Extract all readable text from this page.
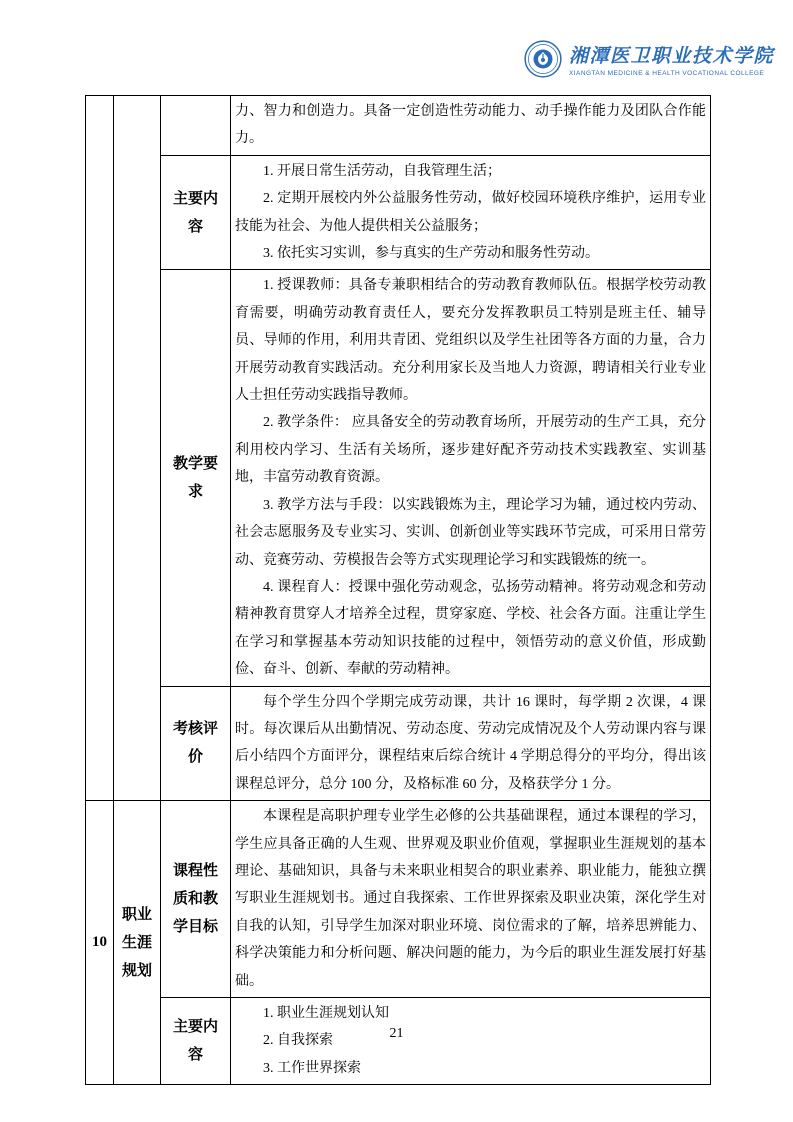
湘潭医卫职业技术学院
XIANGTAN MEDICINE & HEALTH VOCATIONAL COLLEGE

			力、智力和创造力。具备一定创造性劳动能力、动手操作能力及团队合作能力。

		主要内容	1. 开展日常生活劳动，自我管理生活；

2. 定期开展校内外公益服务性劳动，做好校园环境秩序维护，运用专业技能为社会、为他人提供相关公益服务；

3. 依托实习实训，参与真实的生产劳动和服务性劳动。

		教学要求	1. 授课教师：具备专兼职相结合的劳动教育教师队伍。根据学校劳动教育需要，明确劳动教育责任人，要充分发挥教职员工特别是班主任、辅导员、导师的作用，利用共青团、党组织以及学生社团等各方面的力量，合力开展劳动教育实践活动。充分利用家长及当地人力资源，聘请相关行业专业人士担任劳动实践指导教师。

2. 教学条件： 应具备安全的劳动教育场所，开展劳动的生产工具，充分利用校内学习、生活有关场所，逐步建好配齐劳动技术实践教室、实训基地，丰富劳动教育资源。

3. 教学方法与手段：以实践锻炼为主，理论学习为辅，通过校内劳动、社会志愿服务及专业实习、实训、创新创业等实践环节完成，可采用日常劳动、竞赛劳动、劳模报告会等方式实现理论学习和实践锻炼的统一。

4. 课程育人：授课中强化劳动观念，弘扬劳动精神。将劳动观念和劳动精神教育贯穿人才培养全过程，贯穿家庭、学校、社会各方面。注重让学生在学习和掌握基本劳动知识技能的过程中，领悟劳动的意义价值，形成勤俭、奋斗、创新、奉献的劳动精神。

		考核评价	每个学生分四个学期完成劳动课，共计 16 课时，每学期 2 次课，4 课时。每次课后从出勤情况、劳动态度、劳动完成情况及个人劳动课内容与课后小结四个方面评分，课程结束后综合统计 4 学期总得分的平均分，得出该课程总评分，总分 100 分，及格标准 60 分，及格获学分 1 分。

10	职业生涯规划	课程性质和教学目标	本课程是高职护理专业学生必修的公共基础课程，通过本课程的学习，学生应具备正确的人生观、世界观及职业价值观，掌握职业生涯规划的基本理论、基础知识，具备与未来职业相契合的职业素养、职业能力，能独立撰写职业生涯规划书。通过自我探索、工作世界探索及职业决策，深化学生对自我的认知，引导学生加深对职业环境、岗位需求的了解，培养思辨能力、科学决策能力和分析问题、解决问题的能力，为今后的职业生涯发展打好基础。

		主要内容	1. 职业生涯规划认知

2. 自我探索

3. 工作世界探索

21
